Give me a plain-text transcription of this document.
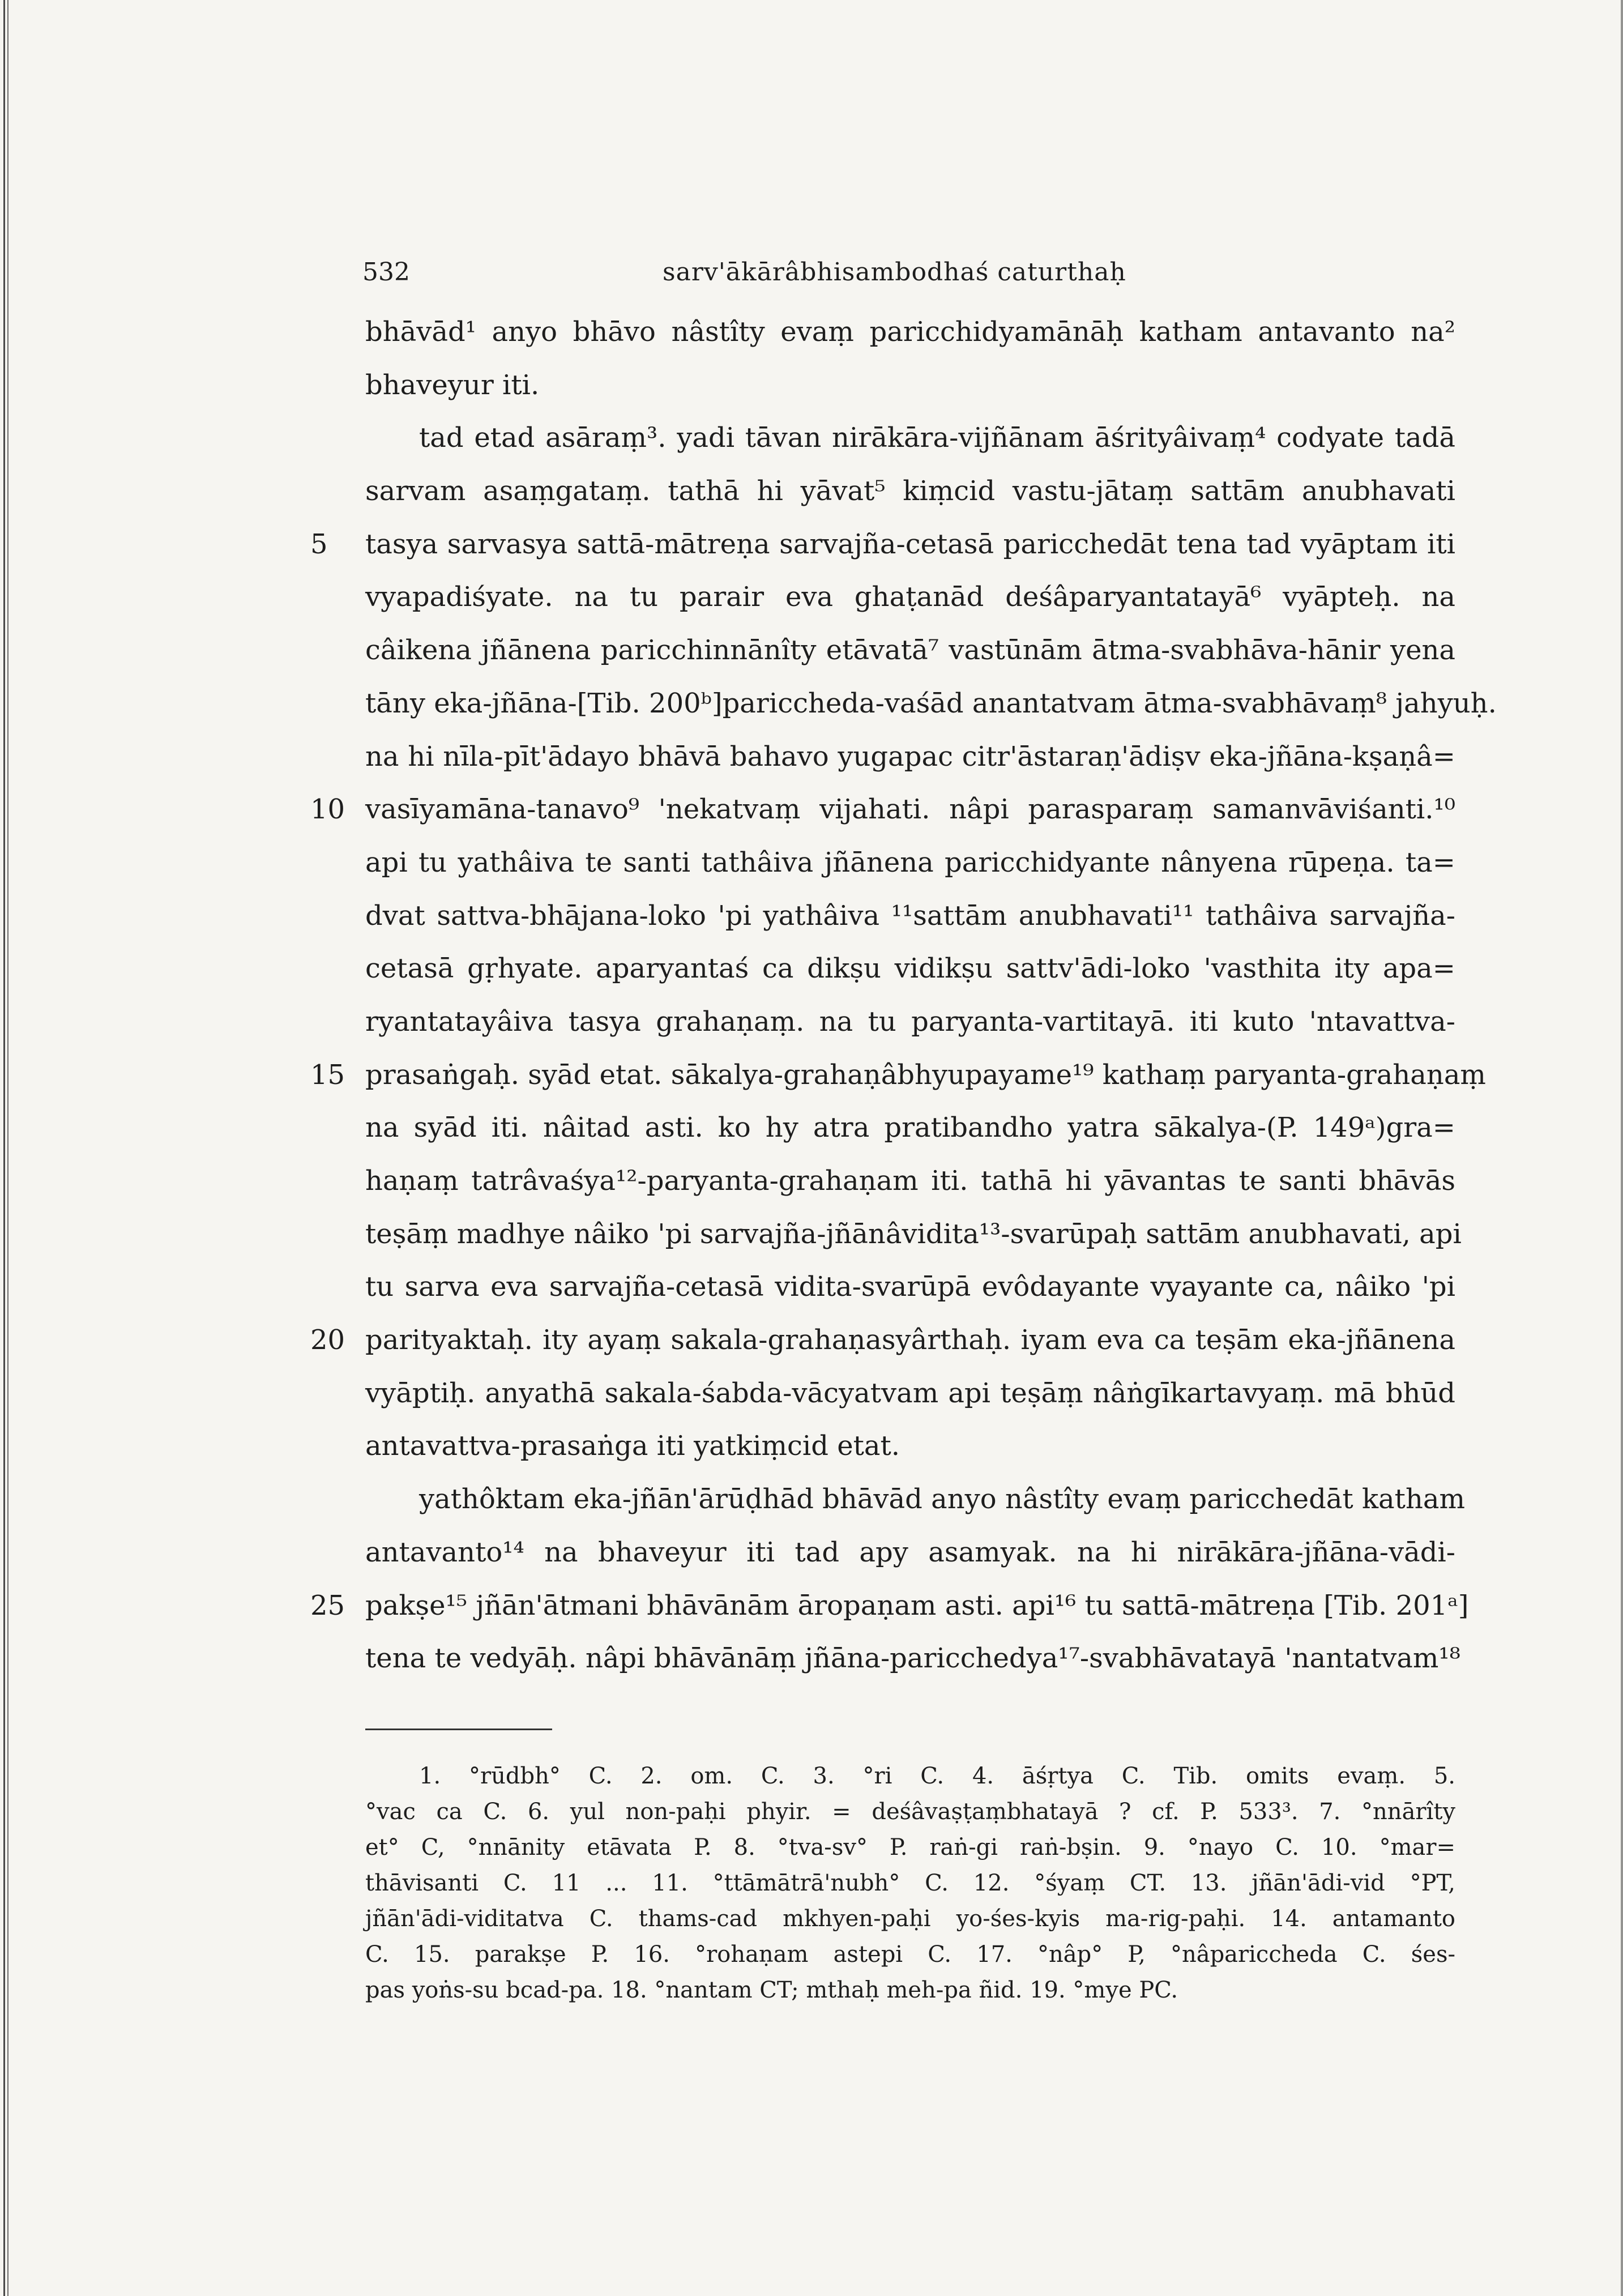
532	sarv'ākārâbhisambodhaś caturthaḥ
bhāvād¹ anyo bhāvo nâstîty evaṃ paricchidyamānāḥ katham antavanto na²
bhaveyur iti.
tad etad asāraṃ³. yadi tāvan nirākāra-vijñānam āśrityâivaṃ⁴ codyate tadā
sarvam asaṃgataṃ. tathā hi yāvat⁵ kiṃcid vastu-jātaṃ sattām anubhavati
5	tasya sarvasya sattā-mātreṇa sarvajña-cetasā paricchedāt tena tad vyāptam iti
vyapadiśyate. na tu parair eva ghaṭanād deśâparyantatayā⁶ vyāpteḥ. na
câikena jñānena paricchinnānîty etāvatā⁷ vastūnām ātma-svabhāva-hānir yena
tāny eka-jñāna-[Tib. 200ᵇ]pariccheda-vaśād anantatvam ātma-svabhāvaṃ⁸ jahyuḥ.
na hi nīla-pīt'ādayo bhāvā bahavo yugapac citr'āstaraṇ'ādiṣv eka-jñāna-kṣaṇâ=
10 vasīyamāna-tanavo⁹ 'nekatvaṃ vijahati. nâpi parasparaṃ samanvāviśanti.¹⁰
api tu yathâiva te santi tathâiva jñānena paricchidyante nânyena rūpeṇa. ta=
dvat sattva-bhājana-loko 'pi yathâiva ¹¹sattām anubhavati¹¹ tathâiva sarvajña-
cetasā gṛhyate. aparyantaś ca dikṣu vidikṣu sattv'ādi-loko 'vasthita ity apa=
ryantatayâiva tasya grahaṇaṃ. na tu paryanta-vartitayā. iti kuto 'ntavattva-
15 prasaṅgaḥ. syād etat. sākalya-grahaṇâbhyupayame¹⁹ kathaṃ paryanta-grahaṇaṃ
na syād iti. nâitad asti. ko hy atra pratibandho yatra sākalya-(P. 149ᵃ)gra=
haṇaṃ tatrâvaśya¹²-paryanta-grahaṇam iti. tathā hi yāvantas te santi bhāvās
teṣāṃ madhye nâiko 'pi sarvajña-jñānâvidita¹³-svarūpaḥ sattām anubhavati, api
tu sarva eva sarvajña-cetasā vidita-svarūpā evôdayante vyayante ca, nâiko 'pi
20 parityaktaḥ. ity ayaṃ sakala-grahaṇasyârthaḥ. iyam eva ca teṣām eka-jñānena
vyāptiḥ. anyathā sakala-śabda-vācyatvam api teṣāṃ nâṅgīkartavyaṃ. mā bhūd
antavattva-prasaṅga iti yatkiṃcid etat.
yathôktam eka-jñān'ārūḍhād bhāvād anyo nâstîty evaṃ paricchedāt katham
antavanto¹⁴ na bhaveyur iti tad apy asamyak. na hi nirākāra-jñāna-vādi-
25 pakṣe¹⁵ jñān'ātmani bhāvānām āropaṇam asti. api¹⁶ tu sattā-mātreṇa [Tib. 201ᵃ]
tena te vedyāḥ. nâpi bhāvānāṃ jñāna-paricchedya¹⁷-svabhāvatayā 'nantatvam¹⁸
1. °rūdbh° C. 2. om. C. 3. °ri C. 4. āśṛtya C. Tib. omits evaṃ. 5.
°vac ca C. 6. yul non-paḥi phyir. = deśâvaṣṭaṃbhatayā ? cf. P. 533³. 7. °nnārîty
et° C, °nnānity etāvata P. 8. °tva-sv° P. raṅ-gi raṅ-bṣin. 9. °nayo C. 10. °mar=
thāvisanti C. 11 ... 11. °ttāmātrā'nubh° C. 12. °śyaṃ CT. 13. jñān'ādi-vid °PT,
jñān'ādi-viditatva C. thams-cad mkhyen-paḥi yo-śes-kyis ma-rig-paḥi. 14. antamanto
C. 15. parakṣe P. 16. °rohaṇam astepi C. 17. °nâp° P, °nâparicchedа C. śes-
pas yoṅs-su bcad-pa. 18. °nantam CT; mthaḥ meh-pa ñid. 19. °mye PC.
